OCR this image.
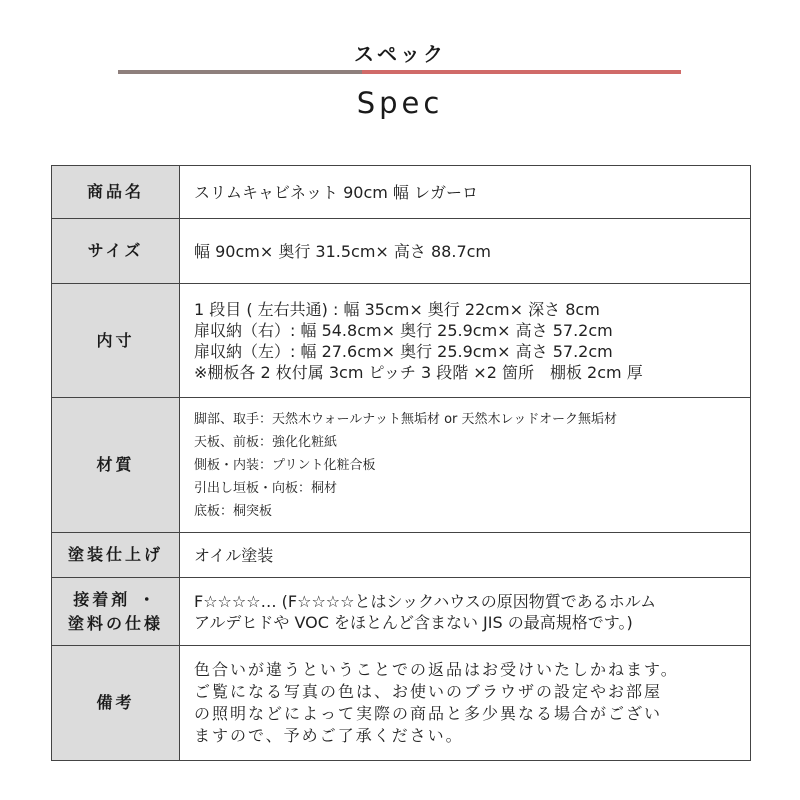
スペック
Spec
商品名	スリムキャビネット 90cm 幅 レガーロ

サイズ	幅 90cm× 奥行 31.5cm× 高さ 88.7cm

内寸	1 段目 ( 左右共通) : 幅 35cm× 奥行 22cm× 深さ 8cm
扉収納（右）: 幅 54.8cm× 奥行 25.9cm× 高さ 57.2cm
扉収納（左）: 幅 27.6cm× 奥行 25.9cm× 高さ 57.2cm
※棚板各 2 枚付属 3cm ピッチ 3 段階 ×2 箇所　棚板 2cm 厚

材質	脚部、取手：天然木ウォールナット無垢材 or 天然木レッドオーク無垢材
天板、前板：強化化粧紙
側板・内装：プリント化粧合板
引出し垣板・向板：桐材
底板：桐突板

塗装仕上げ	オイル塗装

接着剤 ・
塗料の仕様	F☆☆☆☆… (F☆☆☆☆とはシックハウスの原因物質であるホルム
アルデヒドや VOC をほとんど含まない JIS の最高規格です。)

備考	色合いが違うということでの返品はお受けいたしかねます。
ご覧になる写真の色は、お使いのブラウザの設定やお部屋
の照明などによって実際の商品と多少異なる場合がござい
ますので、予めご了承ください。
